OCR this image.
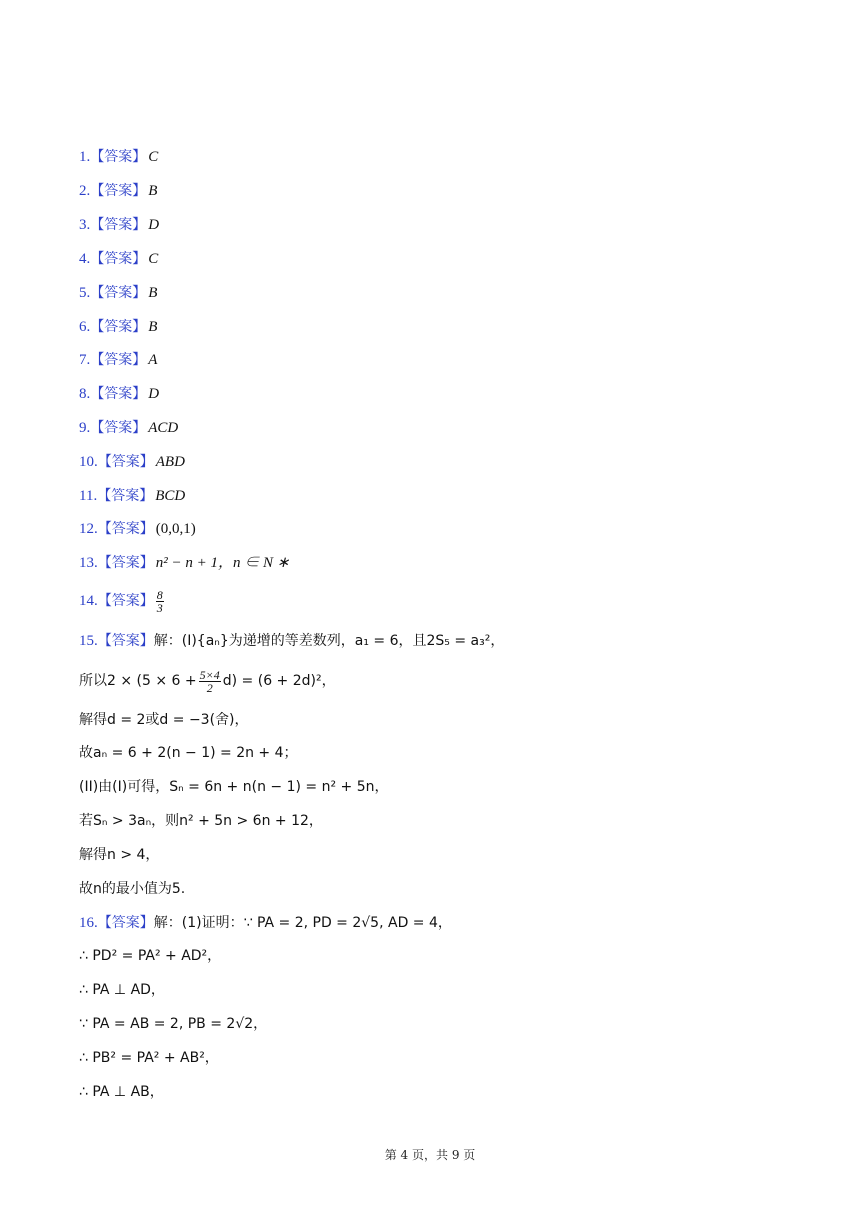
1.【答案】 C
2.【答案】 B
3.【答案】 D
4.【答案】 C
5.【答案】 B
6.【答案】 B
7.【答案】 A
8.【答案】 D
9.【答案】 ACD
10.【答案】 ABD
11.【答案】 BCD
12.【答案】 (0,0,1)
13.【答案】 n² − n + 1，n ∈ N ∗
14.【答案】 $\frac{8}{3}$
15.【答案】解：(I){aₙ}为递增的等差数列，a₁ = 6，且2S₅ = a₃²，
所以$2 \times (5 \times 6 + \frac{5\times 4}{2} d) = (6 + 2d)^2$，
解得d = 2或d = −3(舍)，
故aₙ = 6 + 2(n − 1) = 2n + 4；
(II)由(I)可得，Sₙ = 6n + n(n − 1) = n² + 5n，
若Sₙ > 3aₙ，则n² + 5n > 6n + 12，
解得n > 4，
故n的最小值为5.
16.【答案】解：(1)证明：∵ PA = 2, PD = 2√5, AD = 4，
∴ PD² = PA² + AD²，
∴ PA ⊥ AD，
∵ PA = AB = 2, PB = 2√2，
∴ PB² = PA² + AB²，
∴ PA ⊥ AB，
第 4 页，共 9 页
